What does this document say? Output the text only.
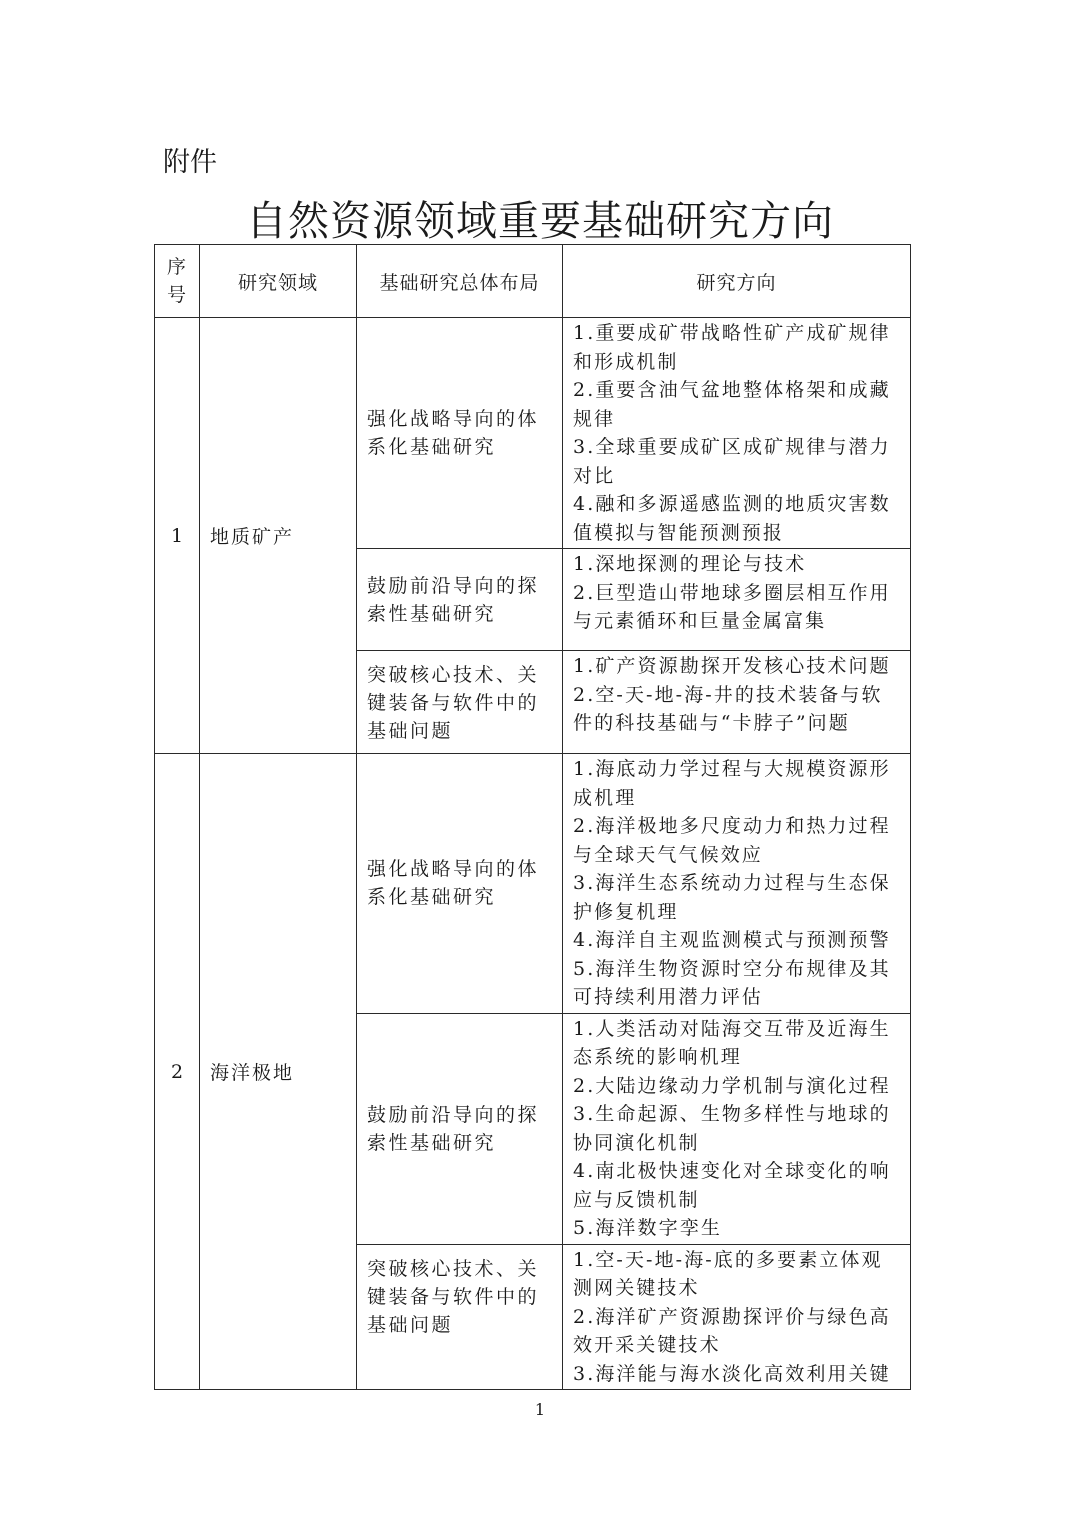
附件
自然资源领域重要基础研究方向
序
号	研究领域	基础研究总体布局	研究方向
1	地质矿产	强化战略导向的体系化基础研究	1.重要成矿带战略性矿产成矿规律和形成机制
2.重要含油气盆地整体格架和成藏规律
3.全球重要成矿区成矿规律与潜力对比
4.融和多源遥感监测的地质灾害数值模拟与智能预测预报

		鼓励前沿导向的探索性基础研究	1.深地探测的理论与技术
2.巨型造山带地球多圈层相互作用与元素循环和巨量金属富集

		突破核心技术、关键装备与软件中的基础问题	1.矿产资源勘探开发核心技术问题
2.空-天-地-海-井的技术装备与软件的科技基础与“卡脖子”问题

2	海洋极地	强化战略导向的体系化基础研究	1.海底动力学过程与大规模资源形成机理
2.海洋极地多尺度动力和热力过程与全球天气气候效应
3.海洋生态系统动力过程与生态保护修复机理
4.海洋自主观监测模式与预测预警
5.海洋生物资源时空分布规律及其可持续利用潜力评估

		鼓励前沿导向的探索性基础研究	1.人类活动对陆海交互带及近海生态系统的影响机理
2.大陆边缘动力学机制与演化过程
3.生命起源、生物多样性与地球的协同演化机制
4.南北极快速变化对全球变化的响应与反馈机制
5.海洋数字孪生

		突破核心技术、关键装备与软件中的基础问题	1.空-天-地-海-底的多要素立体观测网关键技术
2.海洋矿产资源勘探评价与绿色高效开采关键技术
3.海洋能与海水淡化高效利用关键
1
